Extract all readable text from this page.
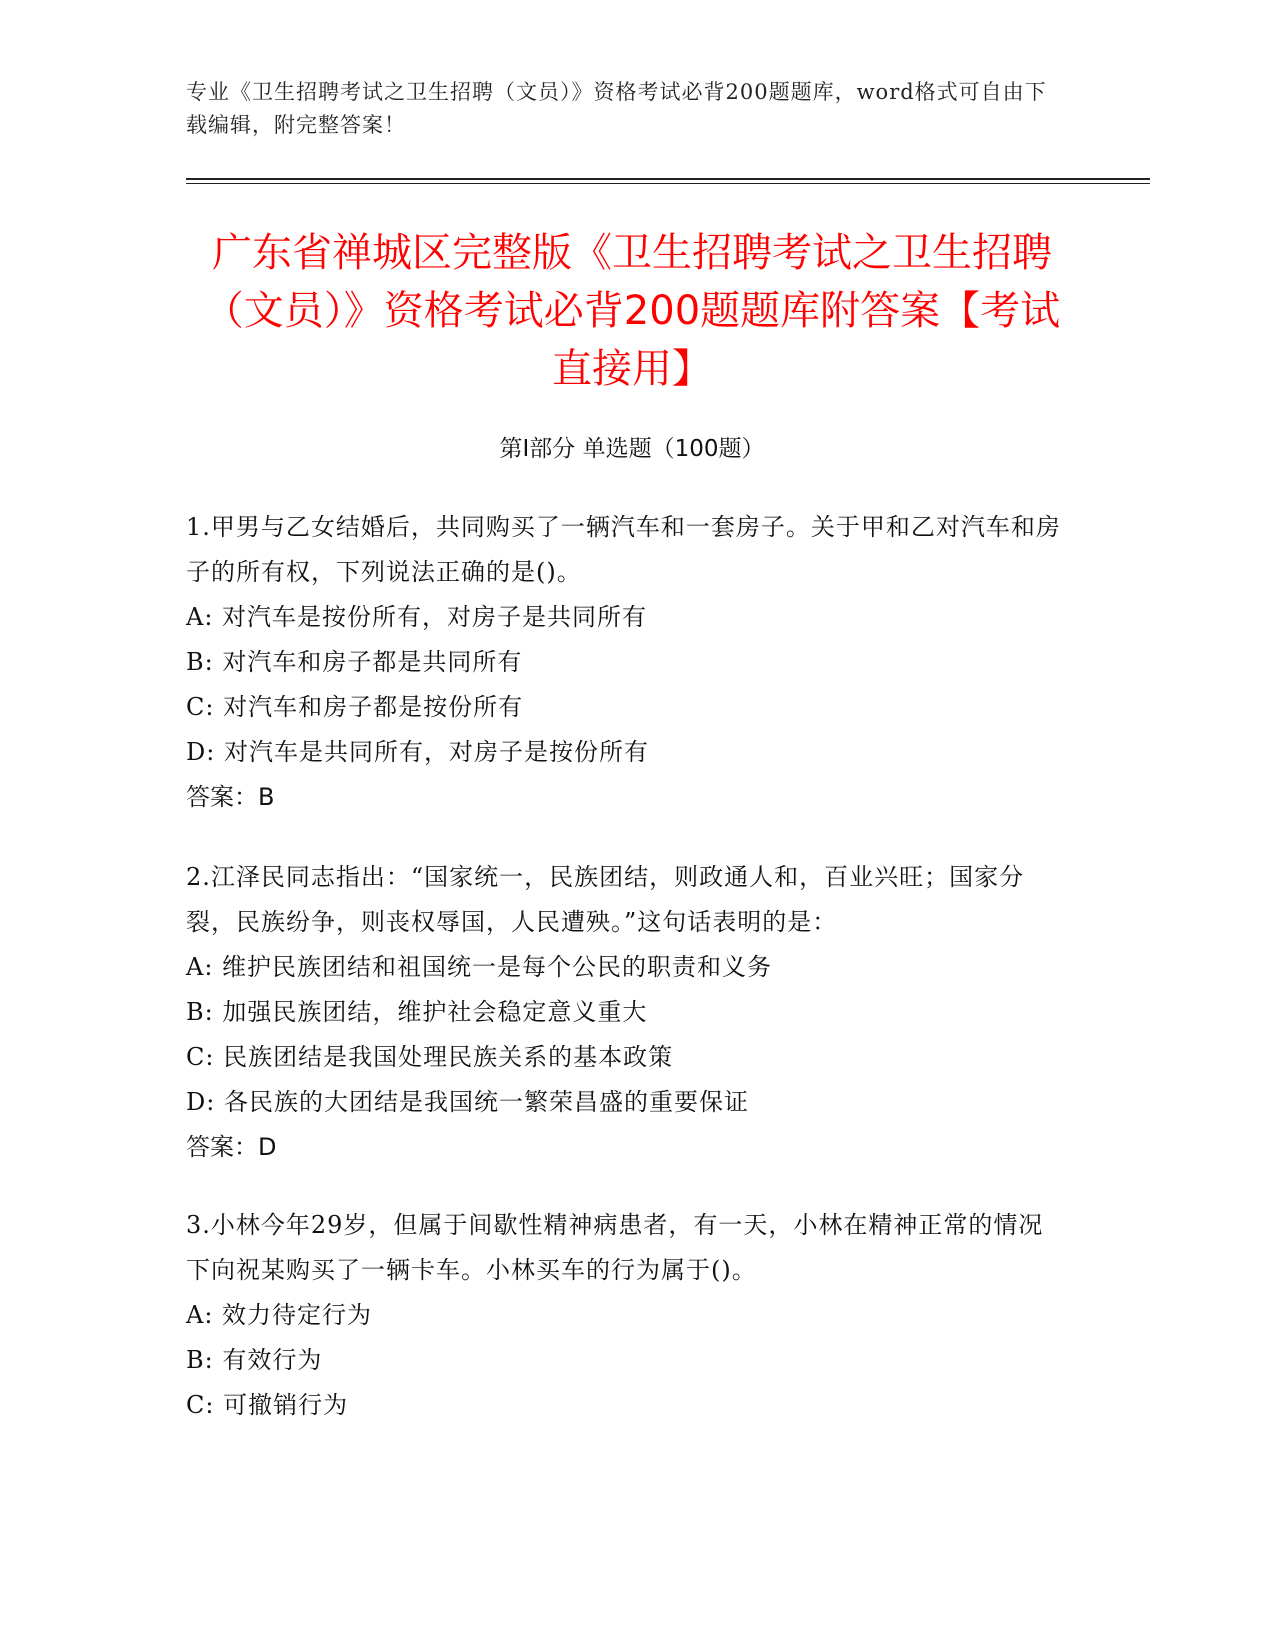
专业《卫生招聘考试之卫生招聘（文员）》资格考试必背200题题库，word格式可自由下载编辑，附完整答案！
广东省禅城区完整版《卫生招聘考试之卫生招聘（文员）》资格考试必背200题题库附答案【考试直接用】
第Ⅰ部分 单选题（100题）
1.甲男与乙女结婚后，共同购买了一辆汽车和一套房子。关于甲和乙对汽车和房子的所有权，下列说法正确的是()。
A: 对汽车是按份所有，对房子是共同所有
B: 对汽车和房子都是共同所有
C: 对汽车和房子都是按份所有
D: 对汽车是共同所有，对房子是按份所有
答案：B
2.江泽民同志指出：“国家统一，民族团结，则政通人和，百业兴旺；国家分裂，民族纷争，则丧权辱国，人民遭殃。”这句话表明的是：
A: 维护民族团结和祖国统一是每个公民的职责和义务
B: 加强民族团结，维护社会稳定意义重大
C: 民族团结是我国处理民族关系的基本政策
D: 各民族的大团结是我国统一繁荣昌盛的重要保证
答案：D
3.小林今年29岁，但属于间歇性精神病患者，有一天，小林在精神正常的情况下向祝某购买了一辆卡车。小林买车的行为属于()。
A: 效力待定行为
B: 有效行为
C: 可撤销行为
